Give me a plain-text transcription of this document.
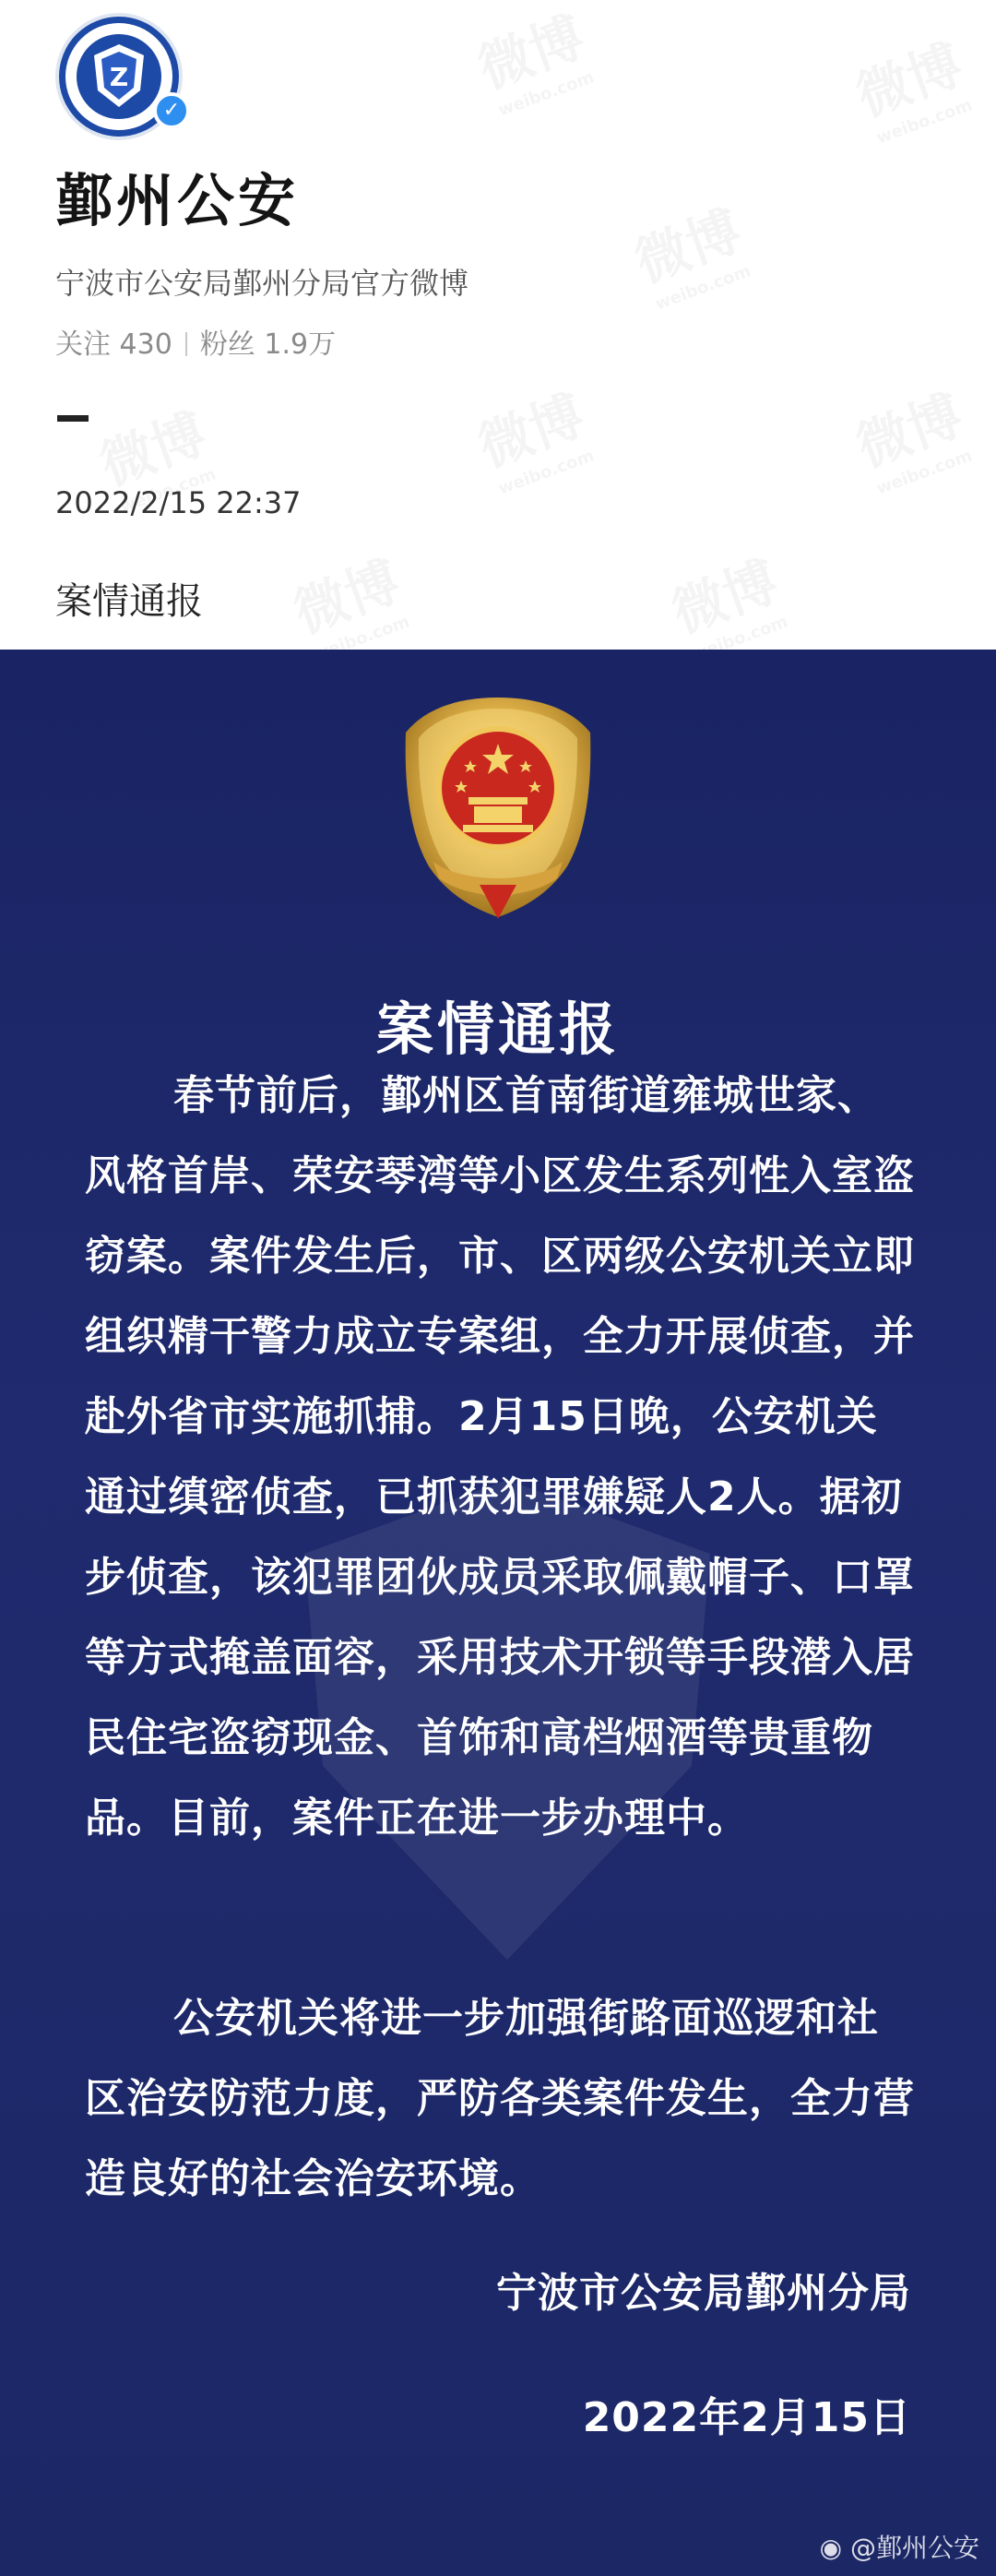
Z
✓
鄞州公安
宁波市公安局鄞州分局官方微博
关注 430 粉丝 1.9万
2022/2/15 22:37
案情通报
案情通报

春节前后，鄞州区首南街道雍城世家、风格首岸、荣安琴湾等小区发生系列性入室盗窃案。案件发生后，市、区两级公安机关立即组织精干警力成立专案组，全力开展侦查，并赴外省市实施抓捕。2月15日晚，公安机关通过缜密侦查，已抓获犯罪嫌疑人2人。据初步侦查，该犯罪团伙成员采取佩戴帽子、口罩等方式掩盖面容，采用技术开锁等手段潜入居民住宅盗窃现金、首饰和高档烟酒等贵重物品。目前，案件正在进一步办理中。

公安机关将进一步加强街路面巡逻和社区治安防范力度，严防各类案件发生，全力营造良好的社会治安环境。

宁波市公安局鄞州分局
2022年2月15日
◉ @鄞州公安
